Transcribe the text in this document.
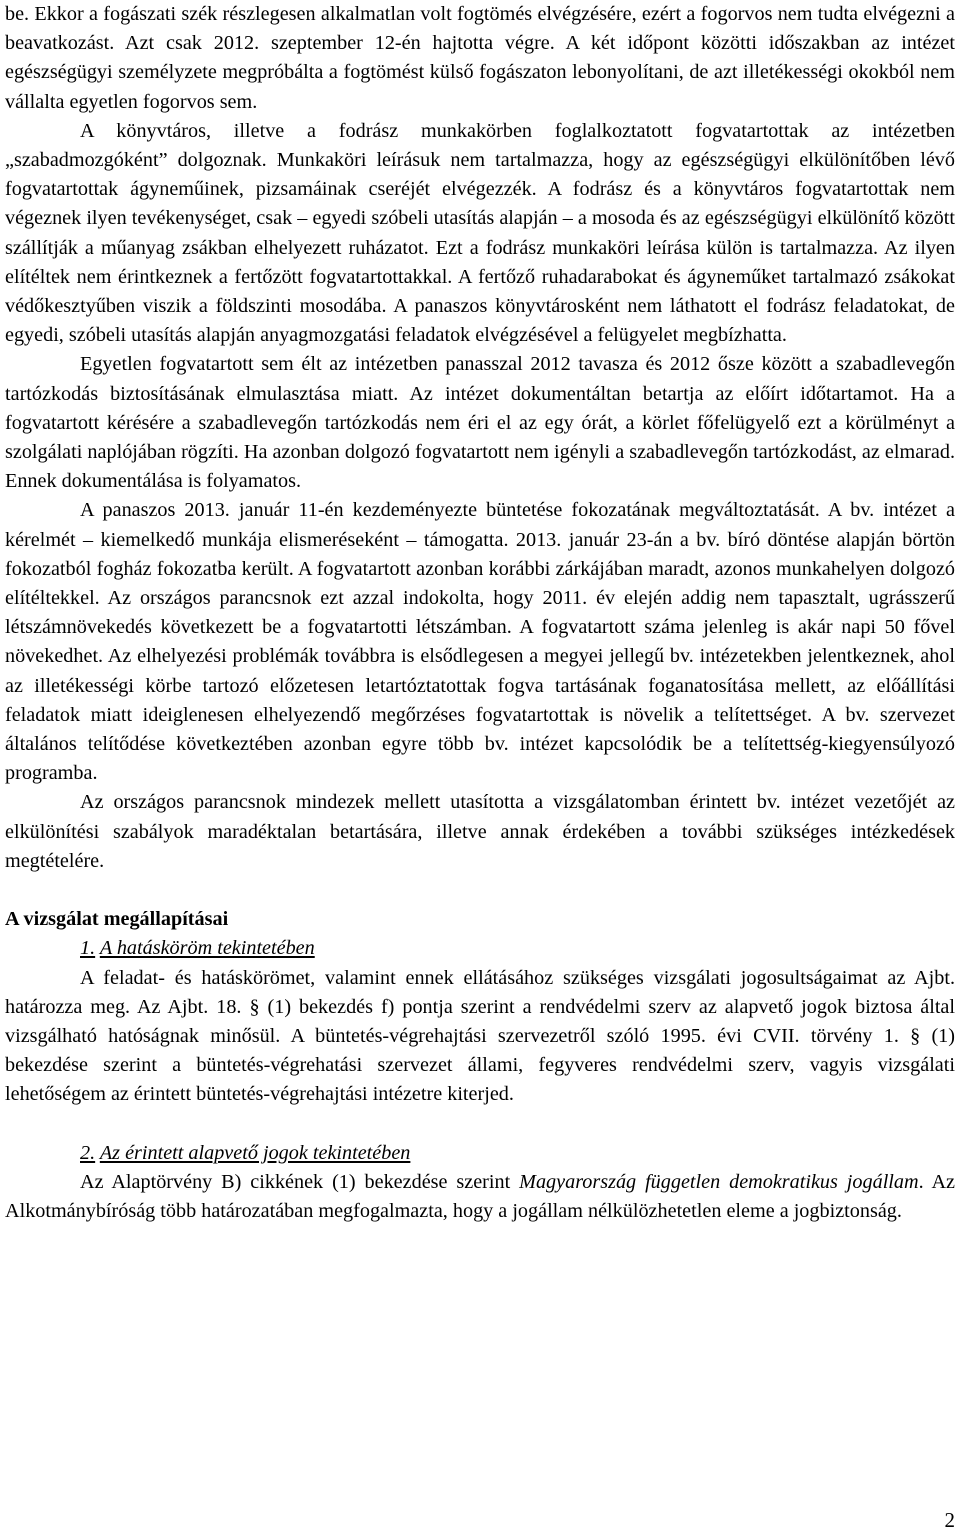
be. Ekkor a fogászati szék részlegesen alkalmatlan volt fogtömés elvégzésére, ezért a fogorvos nem tudta elvégezni a beavatkozást. Azt csak 2012. szeptember 12-én hajtotta végre. A két időpont közötti időszakban az intézet egészségügyi személyzete megpróbálta a fogtömést külső fogászaton lebonyolítani, de azt illetékességi okokból nem vállalta egyetlen fogorvos sem.

A könyvtáros, illetve a fodrász munkakörben foglalkoztatott fogvatartottak az intézetben „szabadmozgóként” dolgoznak. Munkaköri leírásuk nem tartalmazza, hogy az egészségügyi elkülönítőben lévő fogvatartottak ágyneműinek, pizsamáinak cseréjét elvégezzék. A fodrász és a könyvtáros fogvatartottak nem végeznek ilyen tevékenységet, csak – egyedi szóbeli utasítás alapján – a mosoda és az egészségügyi elkülönítő között szállítják a műanyag zsákban elhelyezett ruházatot. Ezt a fodrász munkaköri leírása külön is tartalmazza. Az ilyen elítéltek nem érintkeznek a fertőzött fogvatartottakkal. A fertőző ruhadarabokat és ágyneműket tartalmazó zsákokat védőkesztyűben viszik a földszinti mosodába. A panaszos könyvtárosként nem láthatott el fodrász feladatokat, de egyedi, szóbeli utasítás alapján anyagmozgatási feladatok elvégzésével a felügyelet megbízhatta.

Egyetlen fogvatartott sem élt az intézetben panasszal 2012 tavasza és 2012 ősze között a szabadlevegőn tartózkodás biztosításának elmulasztása miatt. Az intézet dokumentáltan betartja az előírt időtartamot. Ha a fogvatartott kérésére a szabadlevegőn tartózkodás nem éri el az egy órát, a körlet főfelügyelő ezt a körülményt a szolgálati naplójában rögzíti. Ha azonban dolgozó fogvatartott nem igényli a szabadlevegőn tartózkodást, az elmarad. Ennek dokumentálása is folyamatos.

A panaszos 2013. január 11-én kezdeményezte büntetése fokozatának megváltoztatását. A bv. intézet a kérelmét – kiemelkedő munkája elismeréseként – támogatta. 2013. január 23-án a bv. bíró döntése alapján börtön fokozatból fogház fokozatba került. A fogvatartott azonban korábbi zárkájában maradt, azonos munkahelyen dolgozó elítéltekkel. Az országos parancsnok ezt azzal indokolta, hogy 2011. év elején addig nem tapasztalt, ugrásszerű létszámnövekedés következett be a fogvatartotti létszámban. A fogvatartott száma jelenleg is akár napi 50 fővel növekedhet. Az elhelyezési problémák továbbra is elsődlegesen a megyei jellegű bv. intézetekben jelentkeznek, ahol az illetékességi körbe tartozó előzetesen letartóztatottak fogva tartásának foganatosítása mellett, az előállítási feladatok miatt ideiglenesen elhelyezendő megőrzéses fogvatartottak is növelik a telítettséget. A bv. szervezet általános telítődése következtében azonban egyre több bv. intézet kapcsolódik be a telítettség-kiegyensúlyozó programba.

Az országos parancsnok mindezek mellett utasította a vizsgálatomban érintett bv. intézet vezetőjét az elkülönítési szabályok maradéktalan betartására, illetve annak érdekében a további szükséges intézkedések megtételére.

A vizsgálat megállapításai

1. A hatásköröm tekintetében

A feladat- és hatáskörömet, valamint ennek ellátásához szükséges vizsgálati jogosultságaimat az Ajbt. határozza meg. Az Ajbt. 18. § (1) bekezdés f) pontja szerint a rendvédelmi szerv az alapvető jogok biztosa által vizsgálható hatóságnak minősül. A büntetés-végrehajtási szervezetről szóló 1995. évi CVII. törvény 1. § (1) bekezdése szerint a büntetés-végrehatási szervezet állami, fegyveres rendvédelmi szerv, vagyis vizsgálati lehetőségem az érintett büntetés-végrehajtási intézetre kiterjed.

2. Az érintett alapvető jogok tekintetében

Az Alaptörvény B) cikkének (1) bekezdése szerint Magyarország független demokratikus jogállam. Az Alkotmánybíróság több határozatában megfogalmazta, hogy a jogállam nélkülözhetetlen eleme a jogbiztonság.

2
